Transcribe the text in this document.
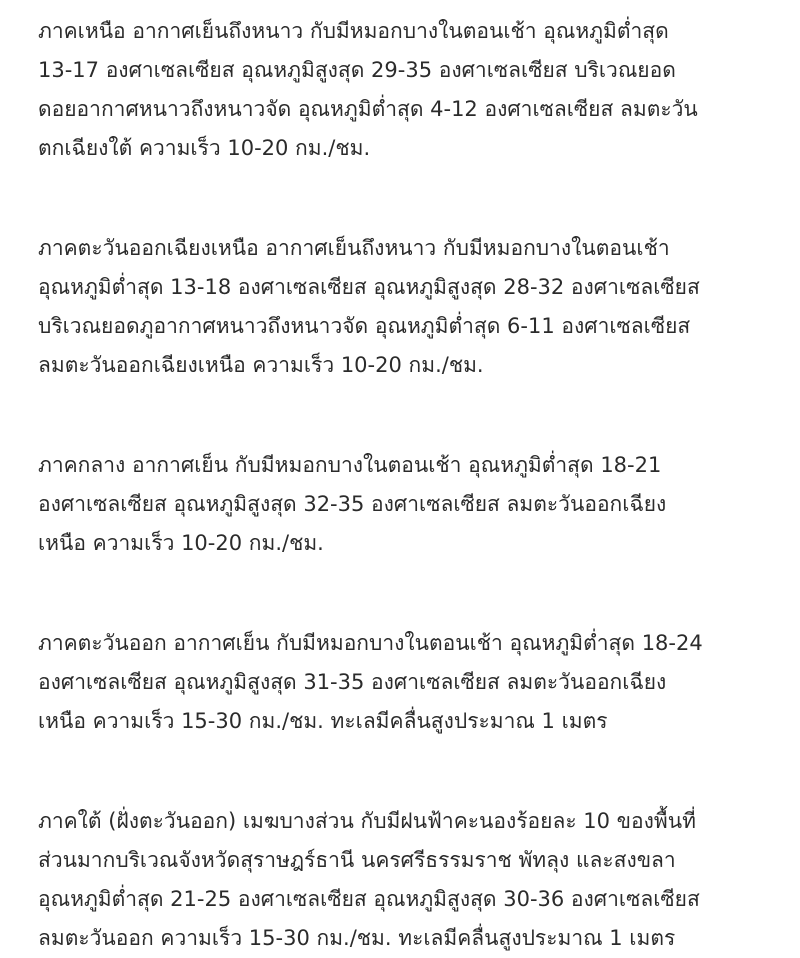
ภาคเหนือ อากาศเย็นถึงหนาว กับมีหมอกบางในตอนเช้า อุณหภูมิต่ำสุด
13-17 องศาเซลเซียส อุณหภูมิสูงสุด 29-35 องศาเซลเซียส บริเวณยอด
ดอยอากาศหนาวถึงหนาวจัด อุณหภูมิต่ำสุด 4-12 องศาเซลเซียส ลมตะวัน
ตกเฉียงใต้ ความเร็ว 10-20 กม./ชม.
ภาคตะวันออกเฉียงเหนือ อากาศเย็นถึงหนาว กับมีหมอกบางในตอนเช้า
อุณหภูมิต่ำสุด 13-18 องศาเซลเซียส อุณหภูมิสูงสุด 28-32 องศาเซลเซียส
บริเวณยอดภูอากาศหนาวถึงหนาวจัด อุณหภูมิต่ำสุด 6-11 องศาเซลเซียส
ลมตะวันออกเฉียงเหนือ ความเร็ว 10-20 กม./ชม.
ภาคกลาง อากาศเย็น กับมีหมอกบางในตอนเช้า อุณหภูมิต่ำสุด 18-21
องศาเซลเซียส อุณหภูมิสูงสุด 32-35 องศาเซลเซียส ลมตะวันออกเฉียง
เหนือ ความเร็ว 10-20 กม./ชม.
ภาคตะวันออก อากาศเย็น กับมีหมอกบางในตอนเช้า อุณหภูมิต่ำสุด 18-24
องศาเซลเซียส อุณหภูมิสูงสุด 31-35 องศาเซลเซียส ลมตะวันออกเฉียง
เหนือ ความเร็ว 15-30 กม./ชม. ทะเลมีคลื่นสูงประมาณ 1 เมตร
ภาคใต้ (ฝั่งตะวันออก) เมฆบางส่วน กับมีฝนฟ้าคะนองร้อยละ 10 ของพื้นที่
ส่วนมากบริเวณจังหวัดสุราษฎร์ธานี นครศรีธรรมราช พัทลุง และสงขลา
อุณหภูมิต่ำสุด 21-25 องศาเซลเซียส อุณหภูมิสูงสุด 30-36 องศาเซลเซียส
ลมตะวันออก ความเร็ว 15-30 กม./ชม. ทะเลมีคลื่นสูงประมาณ 1 เมตร
